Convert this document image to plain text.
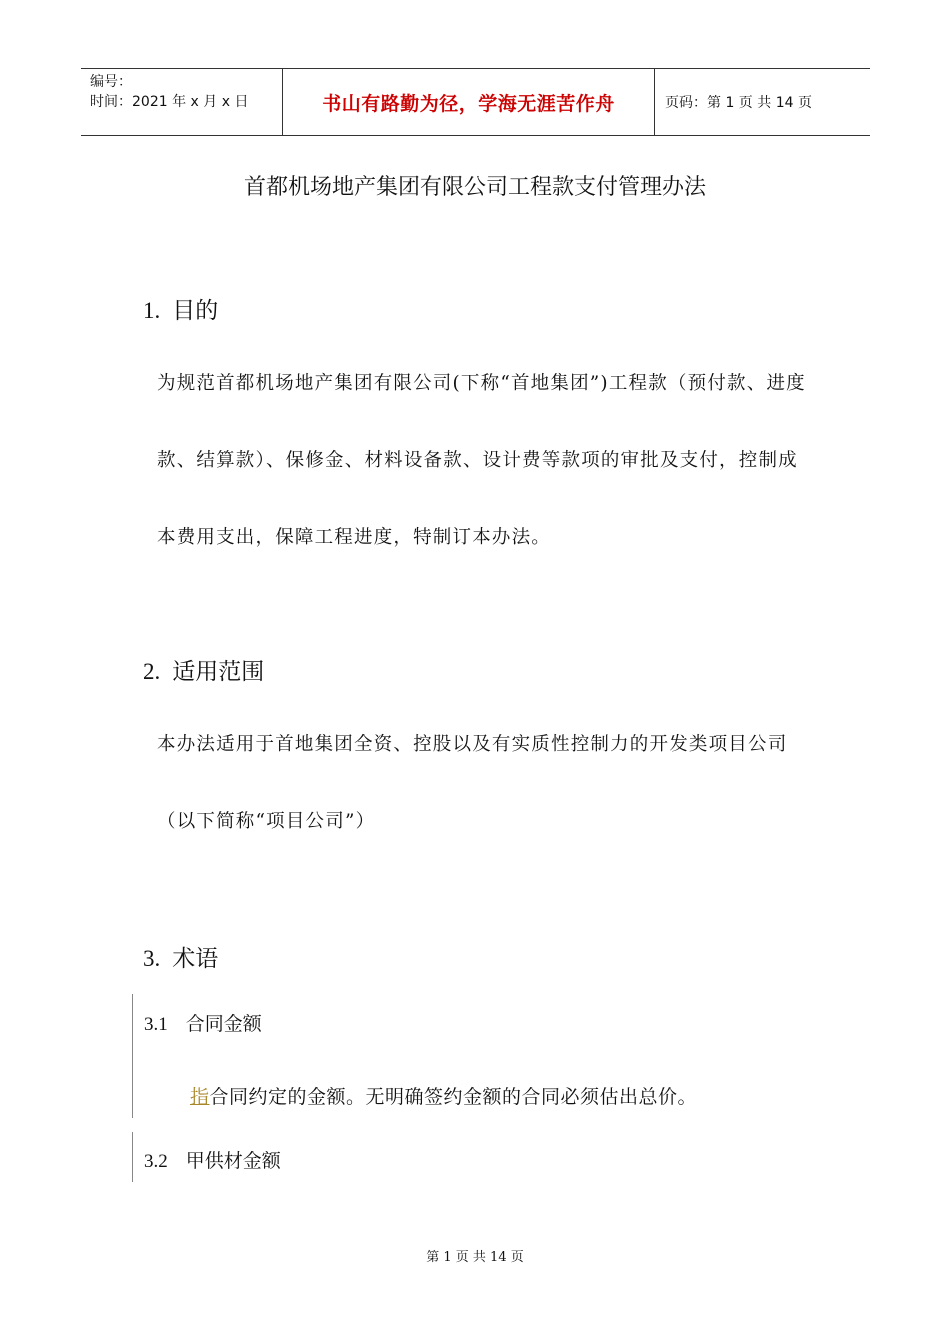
编号：
时间：2021 年 x 月 x 日	书山有路勤为径，学海无涯苦作舟	页码：第 1 页 共 14 页
首都机场地产集团有限公司工程款支付管理办法
1. 目的

为规范首都机场地产集团有限公司(下称“首地集团”)工程款（预付款、进度款、结算款）、保修金、材料设备款、设计费等款项的审批及支付，控制成本费用支出，保障工程进度，特制订本办法。

2. 适用范围

本办法适用于首地集团全资、控股以及有实质性控制力的开发类项目公司（以下简称“项目公司”）

3. 术语
3.1 合同金额
指合同约定的金额。无明确签约金额的合同必须估出总价。
3.2 甲供材金额
第 1 页 共 14 页
